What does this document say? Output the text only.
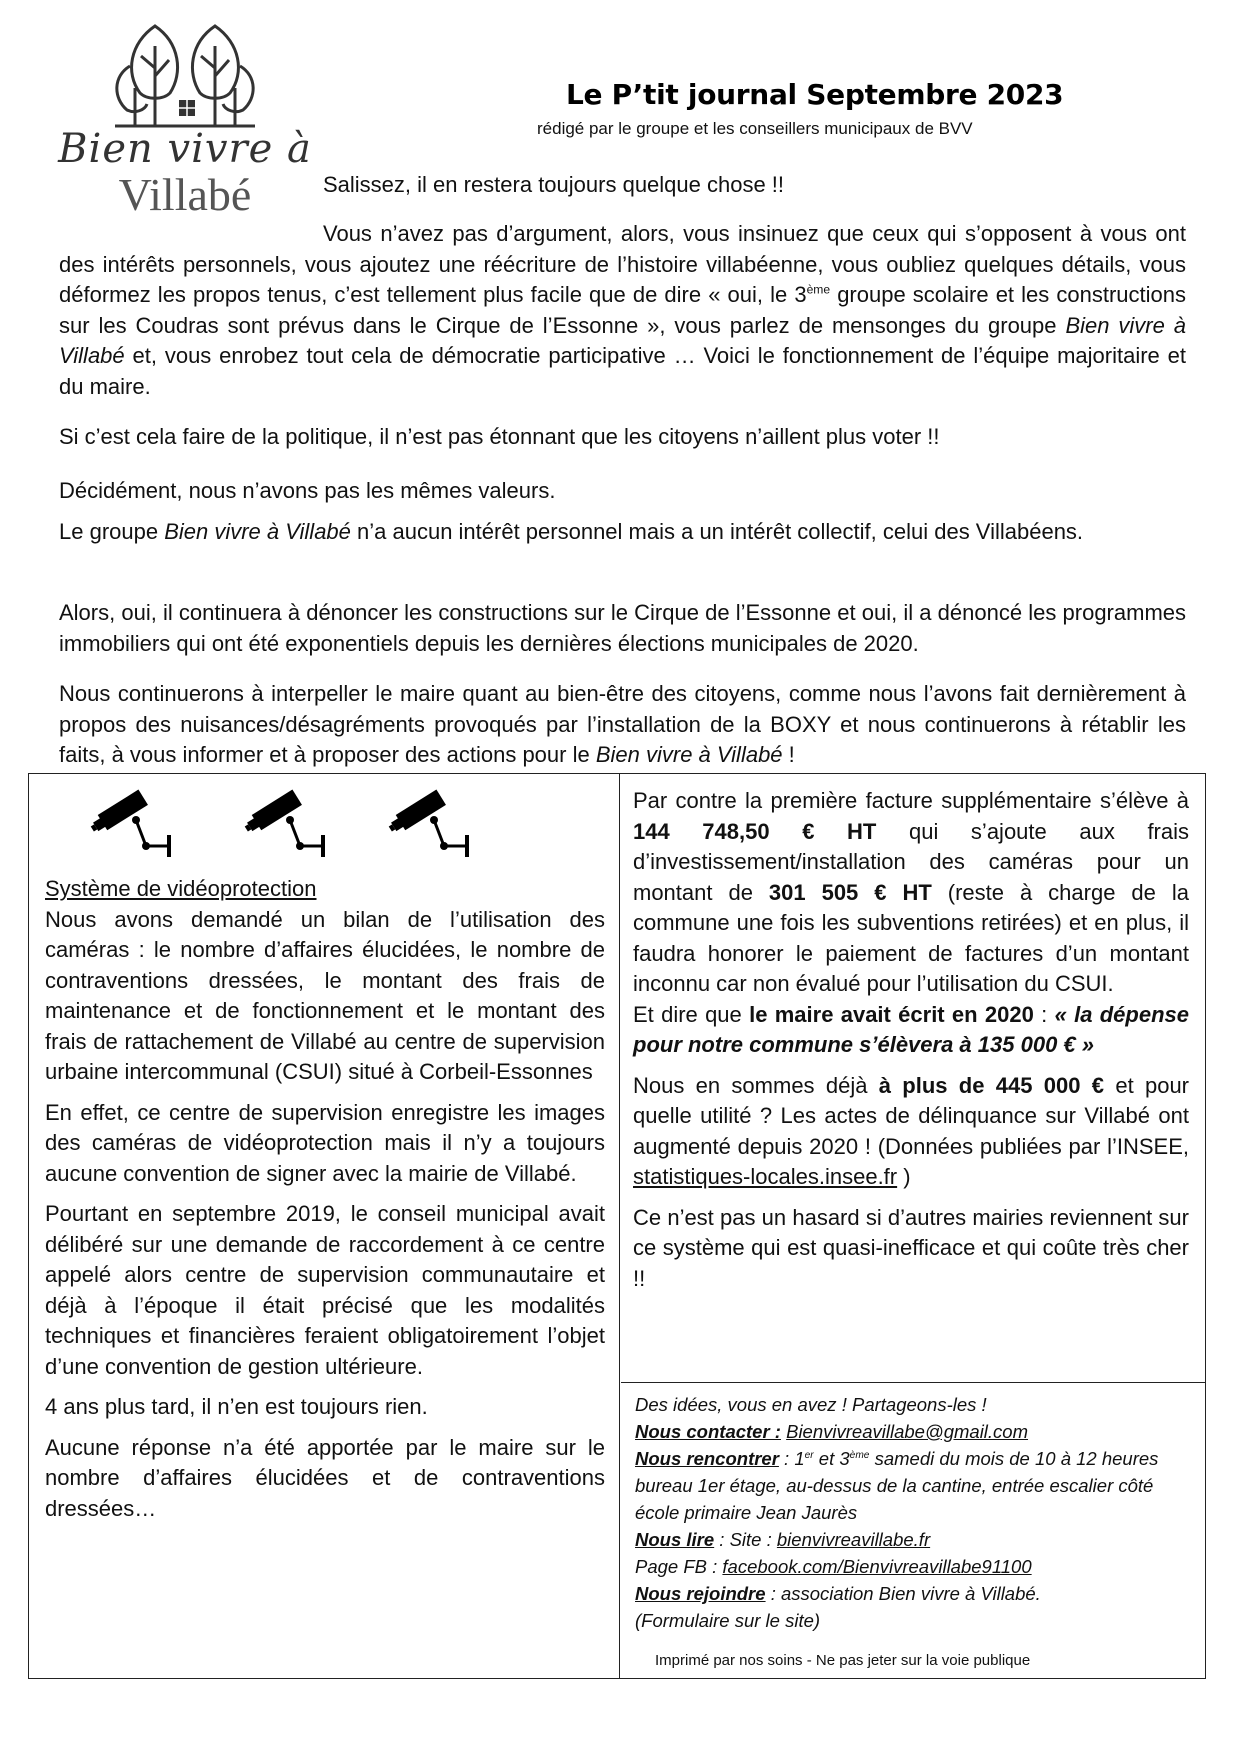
Bien vivre à
Villabé
Le P’tit journal Septembre 2023
rédigé par le groupe et les conseillers municipaux de BVV
Salissez, il en restera toujours quelque chose !!

Vous n’avez pas d’argument, alors, vous insinuez que ceux qui s’opposent à vous ont des intérêts personnels, vous ajoutez une réécriture de l’histoire villabéenne, vous oubliez quelques détails, vous déformez les propos tenus, c’est tellement plus facile que de dire « oui, le 3ème groupe scolaire et les constructions sur les Coudras sont prévus dans le Cirque de l’Essonne », vous parlez de mensonges du groupe Bien vivre à Villabé et, vous enrobez tout cela de démocratie participative … Voici le fonctionnement de l’équipe majoritaire et du maire.

Si c’est cela faire de la politique, il n’est pas étonnant que les citoyens n’aillent plus voter !!

Décidément, nous n’avons pas les mêmes valeurs.

Le groupe Bien vivre à Villabé n’a aucun intérêt personnel mais a un intérêt collectif, celui des Villabéens.

Alors, oui, il continuera à dénoncer les constructions sur le Cirque de l’Essonne et oui, il a dénoncé les programmes immobiliers qui ont été exponentiels depuis les dernières élections municipales de 2020.

Nous continuerons à interpeller le maire quant au bien-être des citoyens, comme nous l’avons fait dernièrement à propos des nuisances/désagréments provoqués par l’installation de la BOXY et nous continuerons à rétablir les faits, à vous informer et à proposer des actions pour le Bien vivre à Villabé !

Système de vidéoprotection

Nous avons demandé un bilan de l’utilisation des caméras : le nombre d’affaires élucidées, le nombre de contraventions dressées, le montant des frais de maintenance et de fonctionnement et le montant des frais de rattachement de Villabé au centre de supervision urbaine intercommunal (CSUI) situé à Corbeil-Essonnes

En effet, ce centre de supervision enregistre les images des caméras de vidéoprotection mais il n’y a toujours aucune convention de signer avec la mairie de Villabé.

Pourtant en septembre 2019, le conseil municipal avait délibéré sur une demande de raccordement à ce centre appelé alors centre de supervision communautaire et déjà à l’époque il était précisé que les modalités techniques et financières feraient obligatoirement l’objet d’une convention de gestion ultérieure.

4 ans plus tard, il n’en est toujours rien.

Aucune réponse n’a été apportée par le maire sur le nombre d’affaires élucidées et de contraventions dressées…

Par contre la première facture supplémentaire s’élève à 144 748,50 € HT qui s’ajoute aux frais d’investissement/installation des caméras pour un montant de 301 505 € HT (reste à charge de la commune une fois les subventions retirées) et en plus, il faudra honorer le paiement de factures d’un montant inconnu car non évalué pour l’utilisation du CSUI.

Et dire que le maire avait écrit en 2020 : « la dépense pour notre commune s’élèvera à 135 000 € »

Nous en sommes déjà à plus de 445 000 € et pour quelle utilité ? Les actes de délinquance sur Villabé ont augmenté depuis 2020 ! (Données publiées par l’INSEE, statistiques-locales.insee.fr )

Ce n’est pas un hasard si d’autres mairies reviennent sur ce système qui est quasi-inefficace et qui coûte très cher !!

Des idées, vous en avez ! Partageons-les !
Nous contacter : Bienvivreavillabe@gmail.com
Nous rencontrer : 1er et 3ème samedi du mois de 10 à 12 heures bureau 1er étage, au-dessus de la cantine, entrée escalier côté école primaire Jean Jaurès
Nous lire : Site : bienvivreavillabe.fr
Page FB : facebook.com/Bienvivreavillabe91100
Nous rejoindre : association Bien vivre à Villabé.
(Formulaire sur le site)
Imprimé par nos soins - Ne pas jeter sur la voie publique
